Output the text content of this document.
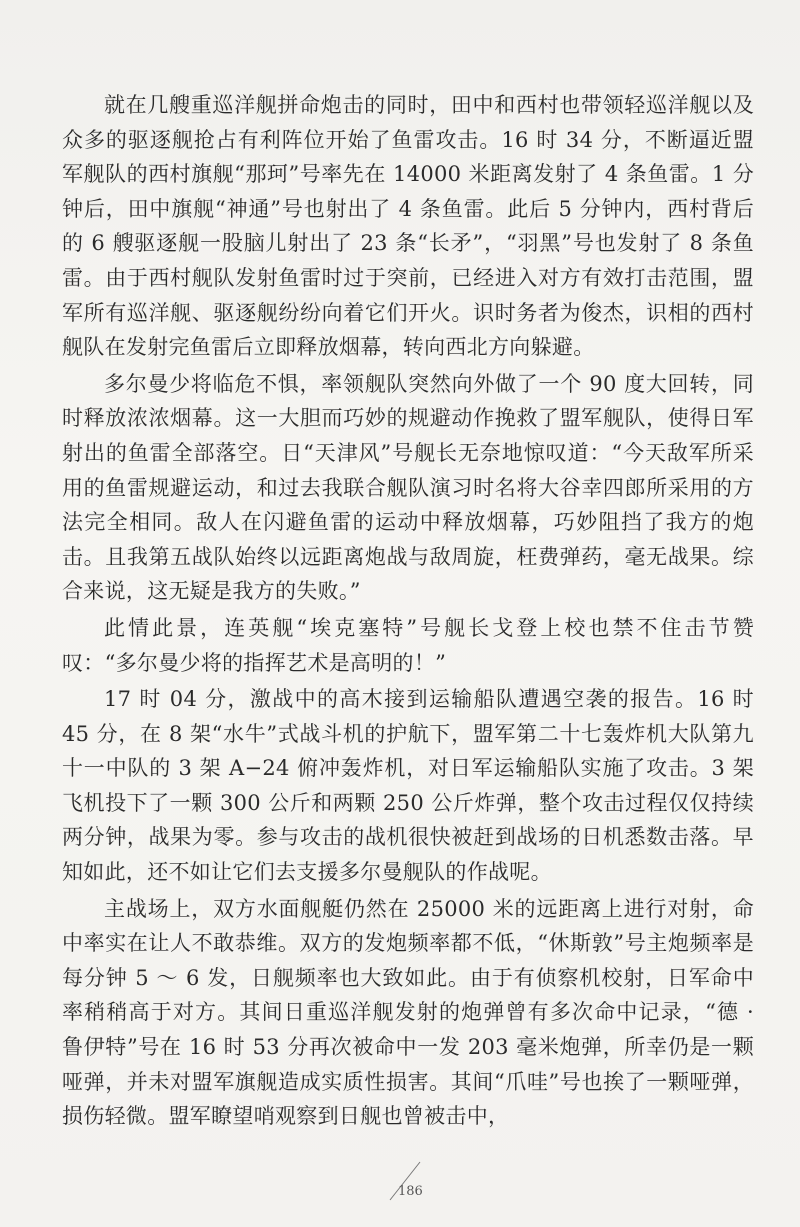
就在几艘重巡洋舰拼命炮击的同时，田中和西村也带领轻巡洋舰以及众多的驱逐舰抢占有利阵位开始了鱼雷攻击。16 时 34 分，不断逼近盟军舰队的西村旗舰“那珂”号率先在 14000 米距离发射了 4 条鱼雷。1 分钟后，田中旗舰“神通”号也射出了 4 条鱼雷。此后 5 分钟内，西村背后的 6 艘驱逐舰一股脑儿射出了 23 条“长矛”，“羽黑”号也发射了 8 条鱼雷。由于西村舰队发射鱼雷时过于突前，已经进入对方有效打击范围，盟军所有巡洋舰、驱逐舰纷纷向着它们开火。识时务者为俊杰，识相的西村舰队在发射完鱼雷后立即释放烟幕，转向西北方向躲避。

多尔曼少将临危不惧，率领舰队突然向外做了一个 90 度大回转，同时释放浓浓烟幕。这一大胆而巧妙的规避动作挽救了盟军舰队，使得日军射出的鱼雷全部落空。日“天津风”号舰长无奈地惊叹道：“今天敌军所采用的鱼雷规避运动，和过去我联合舰队演习时名将大谷幸四郎所采用的方法完全相同。敌人在闪避鱼雷的运动中释放烟幕，巧妙阻挡了我方的炮击。且我第五战队始终以远距离炮战与敌周旋，枉费弹药，毫无战果。综合来说，这无疑是我方的失败。”

此情此景，连英舰“埃克塞特”号舰长戈登上校也禁不住击节赞叹：“多尔曼少将的指挥艺术是高明的！”

17 时 04 分，激战中的高木接到运输船队遭遇空袭的报告。16 时 45 分，在 8 架“水牛”式战斗机的护航下，盟军第二十七轰炸机大队第九十一中队的 3 架 A−24 俯冲轰炸机，对日军运输船队实施了攻击。3 架飞机投下了一颗 300 公斤和两颗 250 公斤炸弹，整个攻击过程仅仅持续两分钟，战果为零。参与攻击的战机很快被赶到战场的日机悉数击落。早知如此，还不如让它们去支援多尔曼舰队的作战呢。

主战场上，双方水面舰艇仍然在 25000 米的远距离上进行对射，命中率实在让人不敢恭维。双方的发炮频率都不低，“休斯敦”号主炮频率是每分钟 5 ～ 6 发，日舰频率也大致如此。由于有侦察机校射，日军命中率稍稍高于对方。其间日重巡洋舰发射的炮弹曾有多次命中记录，“德 · 鲁伊特”号在 16 时 53 分再次被命中一发 203 毫米炮弹，所幸仍是一颗哑弹，并未对盟军旗舰造成实质性损害。其间“爪哇”号也挨了一颗哑弹，损伤轻微。盟军瞭望哨观察到日舰也曾被击中，

186
